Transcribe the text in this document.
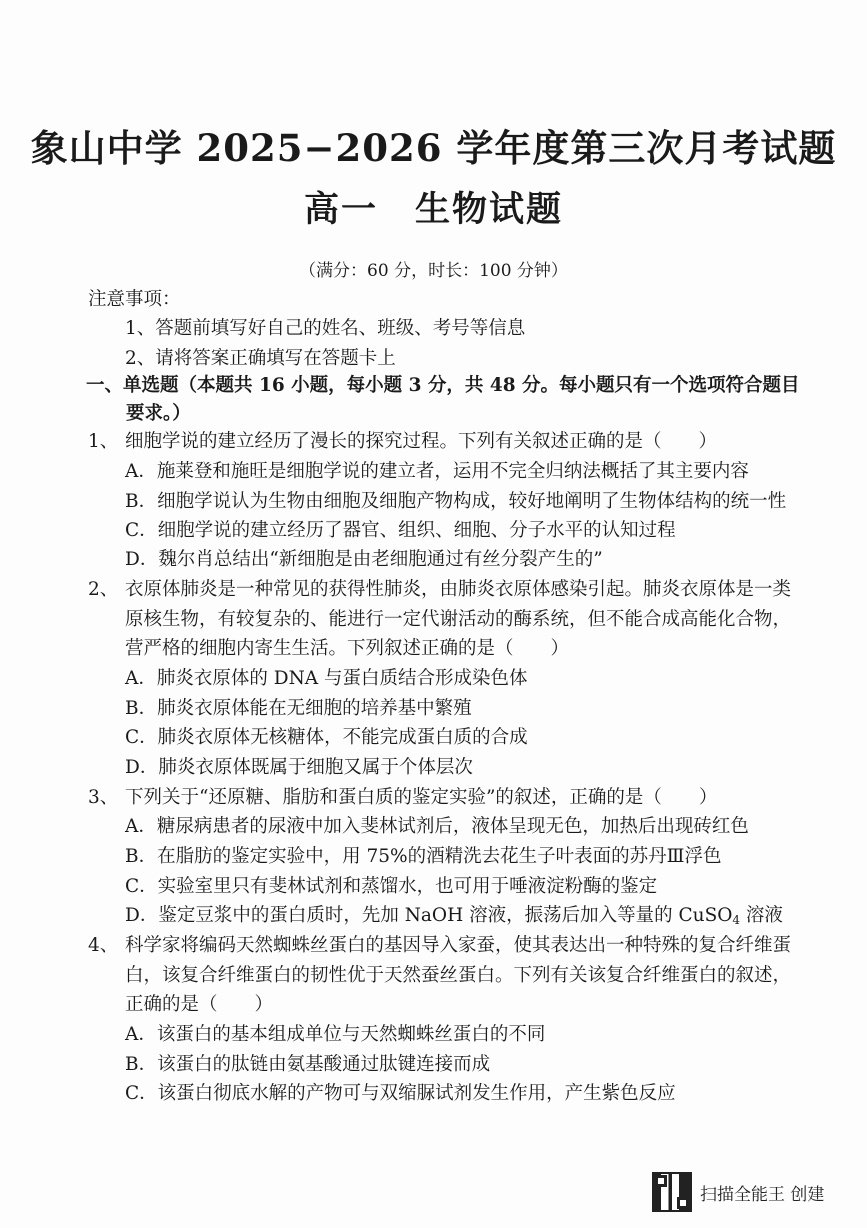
象山中学 2025−2026 学年度第三次月考试题
高一　生物试题
（满分：60 分，时长：100 分钟）
注意事项：
1、答题前填写好自己的姓名、班级、考号等信息
2、请将答案正确填写在答题卡上
一、单选题（本题共 16 小题，每小题 3 分，共 48 分。每小题只有一个选项符合题目
要求。）
1、 细胞学说的建立经历了漫长的探究过程。下列有关叙述正确的是（　　）
A．施莱登和施旺是细胞学说的建立者，运用不完全归纳法概括了其主要内容
B．细胞学说认为生物由细胞及细胞产物构成，较好地阐明了生物体结构的统一性
C．细胞学说的建立经历了器官、组织、细胞、分子水平的认知过程
D．魏尔肖总结出“新细胞是由老细胞通过有丝分裂产生的”
2、 衣原体肺炎是一种常见的获得性肺炎，由肺炎衣原体感染引起。肺炎衣原体是一类
原核生物，有较复杂的、能进行一定代谢活动的酶系统，但不能合成高能化合物，
营严格的细胞内寄生生活。下列叙述正确的是（　　）
A．肺炎衣原体的 DNA 与蛋白质结合形成染色体
B．肺炎衣原体能在无细胞的培养基中繁殖
C．肺炎衣原体无核糖体，不能完成蛋白质的合成
D．肺炎衣原体既属于细胞又属于个体层次
3、 下列关于“还原糖、脂肪和蛋白质的鉴定实验”的叙述，正确的是（　　）
A．糖尿病患者的尿液中加入斐林试剂后，液体呈现无色，加热后出现砖红色
B．在脂肪的鉴定实验中，用 75%的酒精洗去花生子叶表面的苏丹Ⅲ浮色
C．实验室里只有斐林试剂和蒸馏水，也可用于唾液淀粉酶的鉴定
D．鉴定豆浆中的蛋白质时，先加 NaOH 溶液，振荡后加入等量的 CuSO$_4$ 溶液
4、 科学家将编码天然蜘蛛丝蛋白的基因导入家蚕，使其表达出一种特殊的复合纤维蛋
白，该复合纤维蛋白的韧性优于天然蚕丝蛋白。下列有关该复合纤维蛋白的叙述，
正确的是（　　）
A．该蛋白的基本组成单位与天然蜘蛛丝蛋白的不同
B．该蛋白的肽链由氨基酸通过肽键连接而成
C．该蛋白彻底水解的产物可与双缩脲试剂发生作用，产生紫色反应
扫描全能王 创建
